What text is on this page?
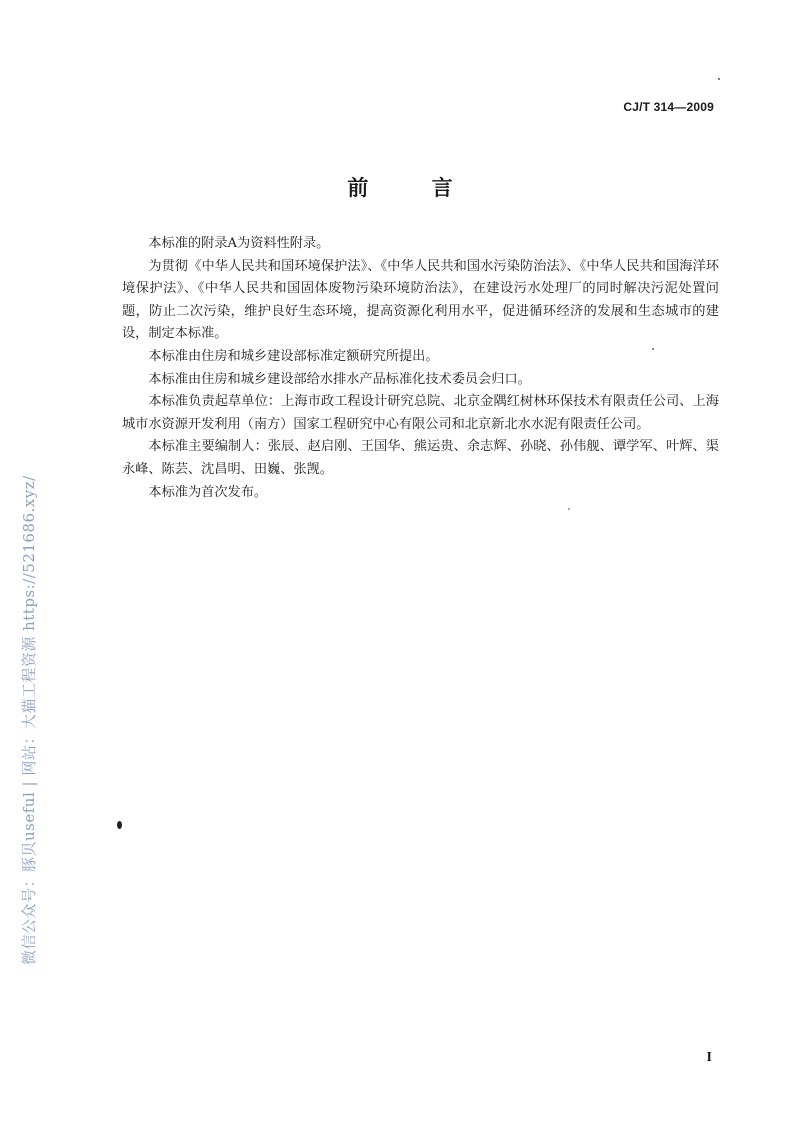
CJ/T 314—2009
前 言

本标准的附录A为资料性附录。

为贯彻《中华人民共和国环境保护法》、《中华人民共和国水污染防治法》、《中华人民共和国海洋环境保护法》、《中华人民共和国固体废物污染环境防治法》，在建设污水处理厂的同时解决污泥处置问题，防止二次污染，维护良好生态环境，提高资源化利用水平，促进循环经济的发展和生态城市的建设，制定本标准。

本标准由住房和城乡建设部标准定额研究所提出。

本标准由住房和城乡建设部给水排水产品标准化技术委员会归口。

本标准负责起草单位：上海市政工程设计研究总院、北京金隅红树林环保技术有限责任公司、上海城市水资源开发利用（南方）国家工程研究中心有限公司和北京新北水水泥有限责任公司。

本标准主要编制人：张辰、赵启刚、王国华、熊运贵、余志辉、孙晓、孙伟舰、谭学军、叶辉、渠永峰、陈芸、沈昌明、田巍、张觊。

本标准为首次发布。

微信公众号：豚贝useful | 网站：大猫工程资源 https://521686.xyz/
I
